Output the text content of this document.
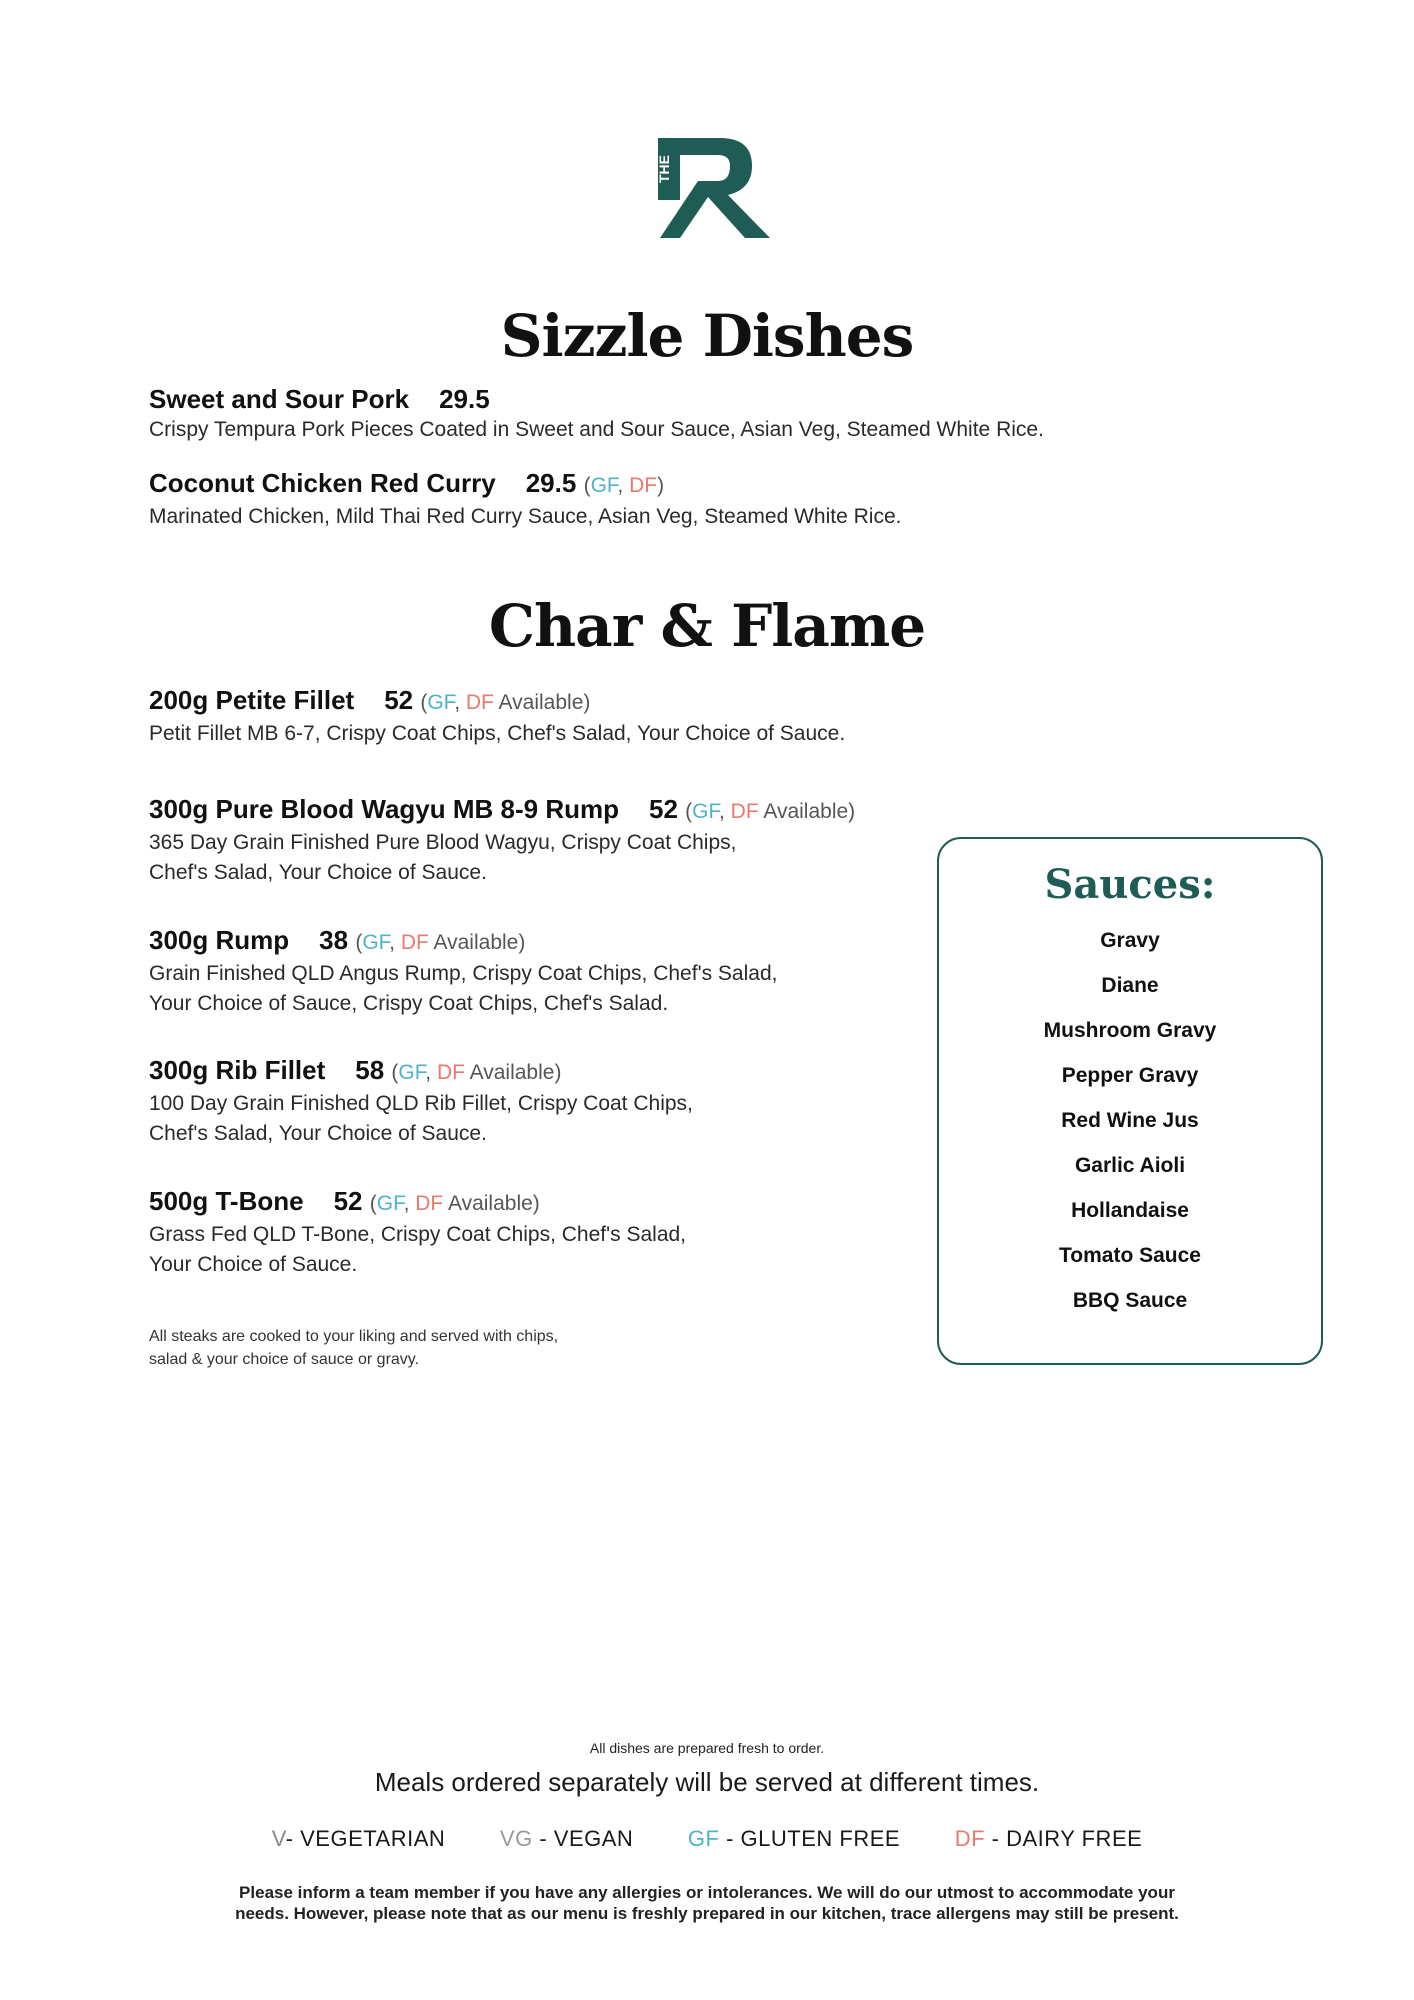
THE
Sizzle Dishes
Sweet and Sour Pork 29.5
Crispy Tempura Pork Pieces Coated in Sweet and Sour Sauce, Asian Veg, Steamed White Rice.
Coconut Chicken Red Curry 29.5 (GF, DF)
Marinated Chicken, Mild Thai Red Curry Sauce, Asian Veg, Steamed White Rice.
Char & Flame
200g Petite Fillet 52 (GF, DF Available)
Petit Fillet MB 6-7, Crispy Coat Chips, Chef's Salad, Your Choice of Sauce.
300g Pure Blood Wagyu MB 8-9 Rump 52 (GF, DF Available)
365 Day Grain Finished Pure Blood Wagyu, Crispy Coat Chips,
Chef's Salad, Your Choice of Sauce.
300g Rump 38 (GF, DF Available)
Grain Finished QLD Angus Rump, Crispy Coat Chips, Chef's Salad,
Your Choice of Sauce, Crispy Coat Chips, Chef's Salad.
300g Rib Fillet 58 (GF, DF Available)
100 Day Grain Finished QLD Rib Fillet, Crispy Coat Chips,
Chef's Salad, Your Choice of Sauce.
500g T-Bone 52 (GF, DF Available)
Grass Fed QLD T-Bone, Crispy Coat Chips, Chef's Salad,
Your Choice of Sauce.
All steaks are cooked to your liking and served with chips,
salad & your choice of sauce or gravy.
Sauces:
Gravy
Diane
Mushroom Gravy
Pepper Gravy
Red Wine Jus
Garlic Aioli
Hollandaise
Tomato Sauce
BBQ Sauce
All dishes are prepared fresh to order.
Meals ordered separately will be served at different times.
V- VEGETARIAN VG - VEGAN GF - GLUTEN FREE DF - DAIRY FREE
Please inform a team member if you have any allergies or intolerances. We will do our utmost to accommodate your
needs. However, please note that as our menu is freshly prepared in our kitchen, trace allergens may still be present.
